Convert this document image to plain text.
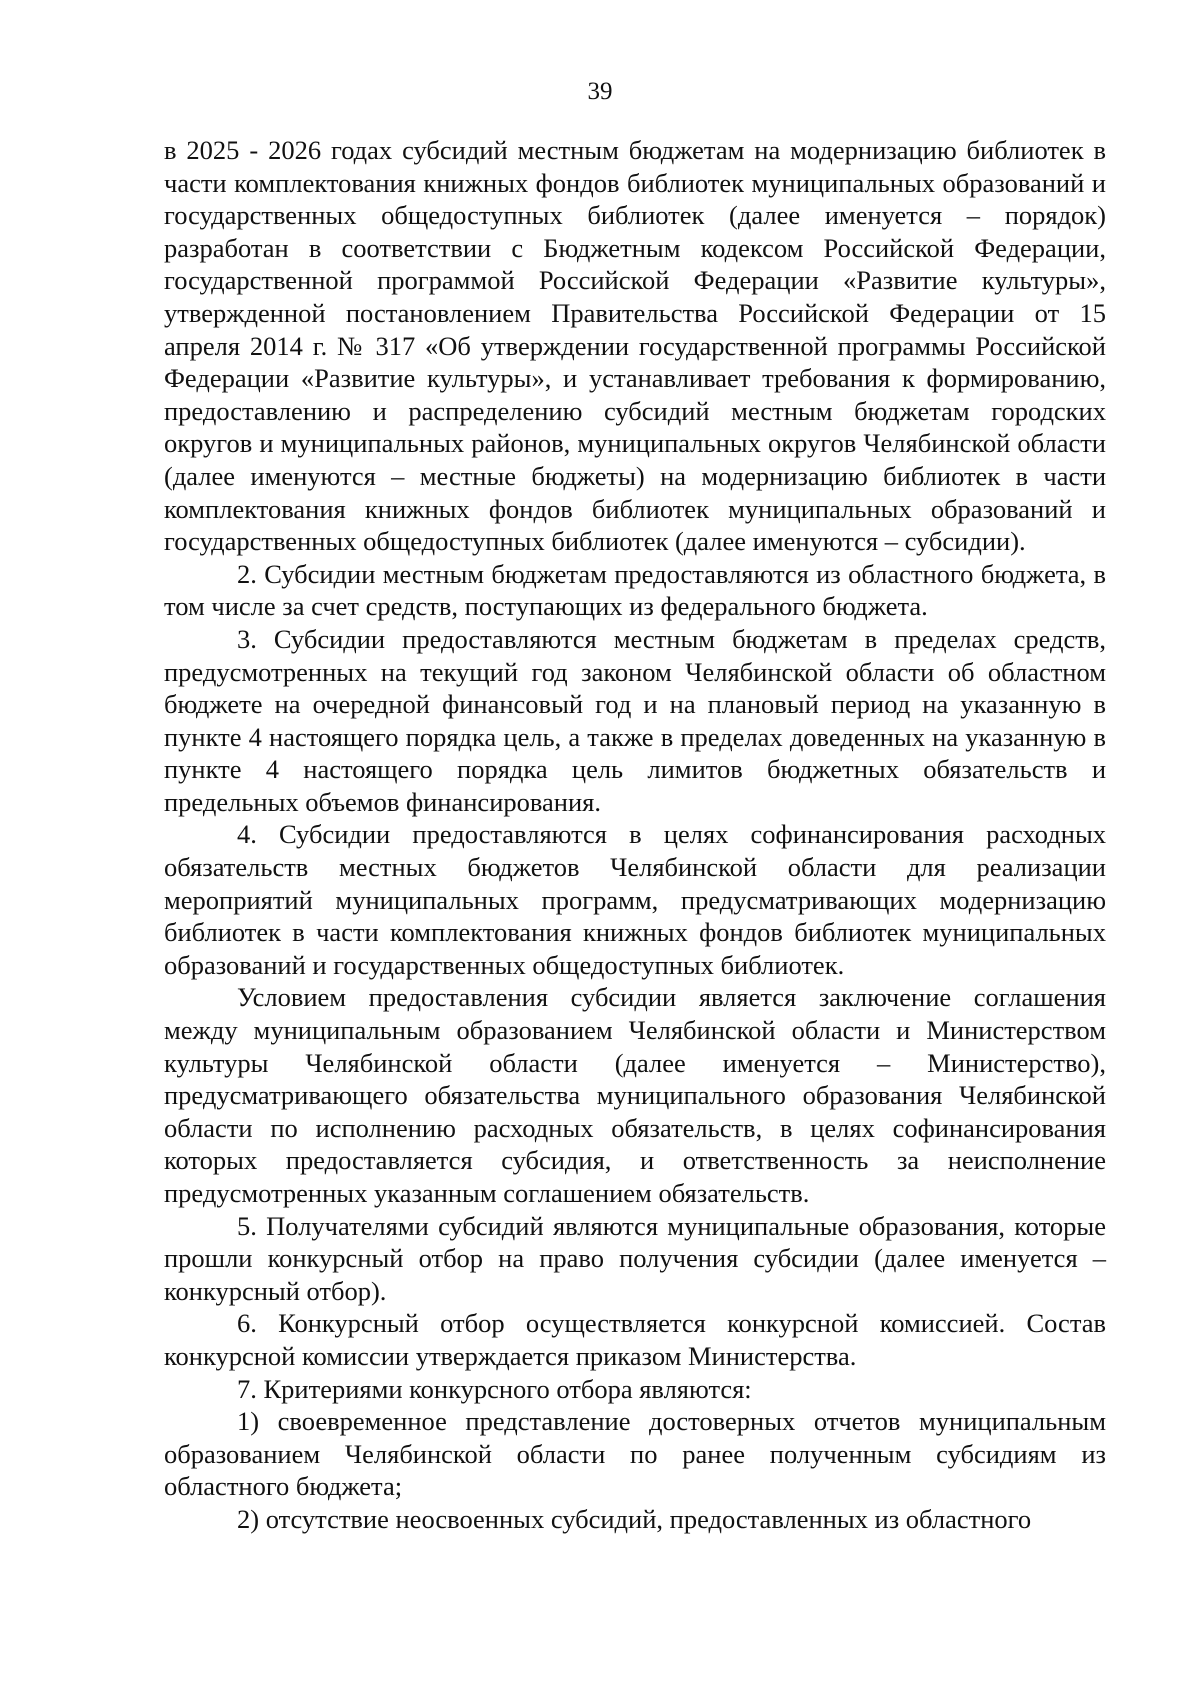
39

в 2025 - 2026 годах субсидий местным бюджетам на модернизацию библиотек в части комплектования книжных фондов библиотек муниципальных образований и государственных общедоступных библиотек (далее именуется – порядок) разработан в соответствии с Бюджетным кодексом Российской Федерации, государственной программой Российской Федерации «Развитие культуры», утвержденной постановлением Правительства Российской Федерации от 15 апреля 2014 г. № 317 «Об утверждении государственной программы Российской Федерации «Развитие культуры», и устанавливает требования к формированию, предоставлению и распределению субсидий местным бюджетам городских округов и муниципальных районов, муниципальных округов Челябинской области (далее именуются – местные бюджеты) на модернизацию библиотек в части комплектования книжных фондов библиотек муниципальных образований и государственных общедоступных библиотек (далее именуются – субсидии).

2. Субсидии местным бюджетам предоставляются из областного бюджета, в том числе за счет средств, поступающих из федерального бюджета.

3. Субсидии предоставляются местным бюджетам в пределах средств, предусмотренных на текущий год законом Челябинской области об областном бюджете на очередной финансовый год и на плановый период на указанную в пункте 4 настоящего порядка цель, а также в пределах доведенных на указанную в пункте 4 настоящего порядка цель лимитов бюджетных обязательств и предельных объемов финансирования.

4. Субсидии предоставляются в целях софинансирования расходных обязательств местных бюджетов Челябинской области для реализации мероприятий муниципальных программ, предусматривающих модернизацию библиотек в части комплектования книжных фондов библиотек муниципальных образований и государственных общедоступных библиотек.

Условием предоставления субсидии является заключение соглашения между муниципальным образованием Челябинской области и Министерством культуры Челябинской области (далее именуется – Министерство), предусматривающего обязательства муниципального образования Челябинской области по исполнению расходных обязательств, в целях софинансирования которых предоставляется субсидия, и ответственность за неисполнение предусмотренных указанным соглашением обязательств.

5. Получателями субсидий являются муниципальные образования, которые прошли конкурсный отбор на право получения субсидии (далее именуется – конкурсный отбор).

6. Конкурсный отбор осуществляется конкурсной комиссией. Состав конкурсной комиссии утверждается приказом Министерства.

7. Критериями конкурсного отбора являются:

1) своевременное представление достоверных отчетов муниципальным образованием Челябинской области по ранее полученным субсидиям из областного бюджета;

2) отсутствие неосвоенных субсидий, предоставленных из областного
